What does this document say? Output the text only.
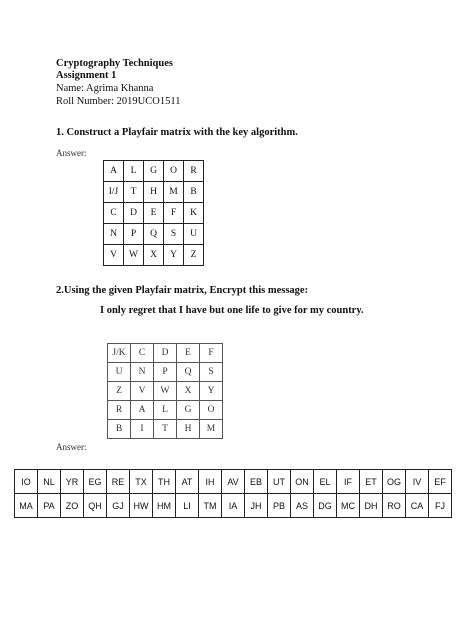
Cryptography Techniques
Assignment 1
Name: Agrima Khanna
Roll Number: 2019UCO1511
1. Construct a Playfair matrix with the key algorithm.
Answer:
A	L	G	O	R
I/J	T	H	M	B
C	D	E	F	K
N	P	Q	S	U
V	W	X	Y	Z
2.Using the given Playfair matrix, Encrypt this message:
I only regret that I have but one life to give for my country.
J/K	C	D	E	F
U	N	P	Q	S
Z	V	W	X	Y
R	A	L	G	O
B	I	T	H	M
Answer:
IO	NL	YR	EG	RE	TX	TH	AT	IH	AV	EB	UT	ON	EL	IF	ET	OG	IV	EF
MA	PA	ZO	QH	GJ	HW	HM	LI	TM	IA	JH	PB	AS	DG	MC	DH	RO	CA	FJ
